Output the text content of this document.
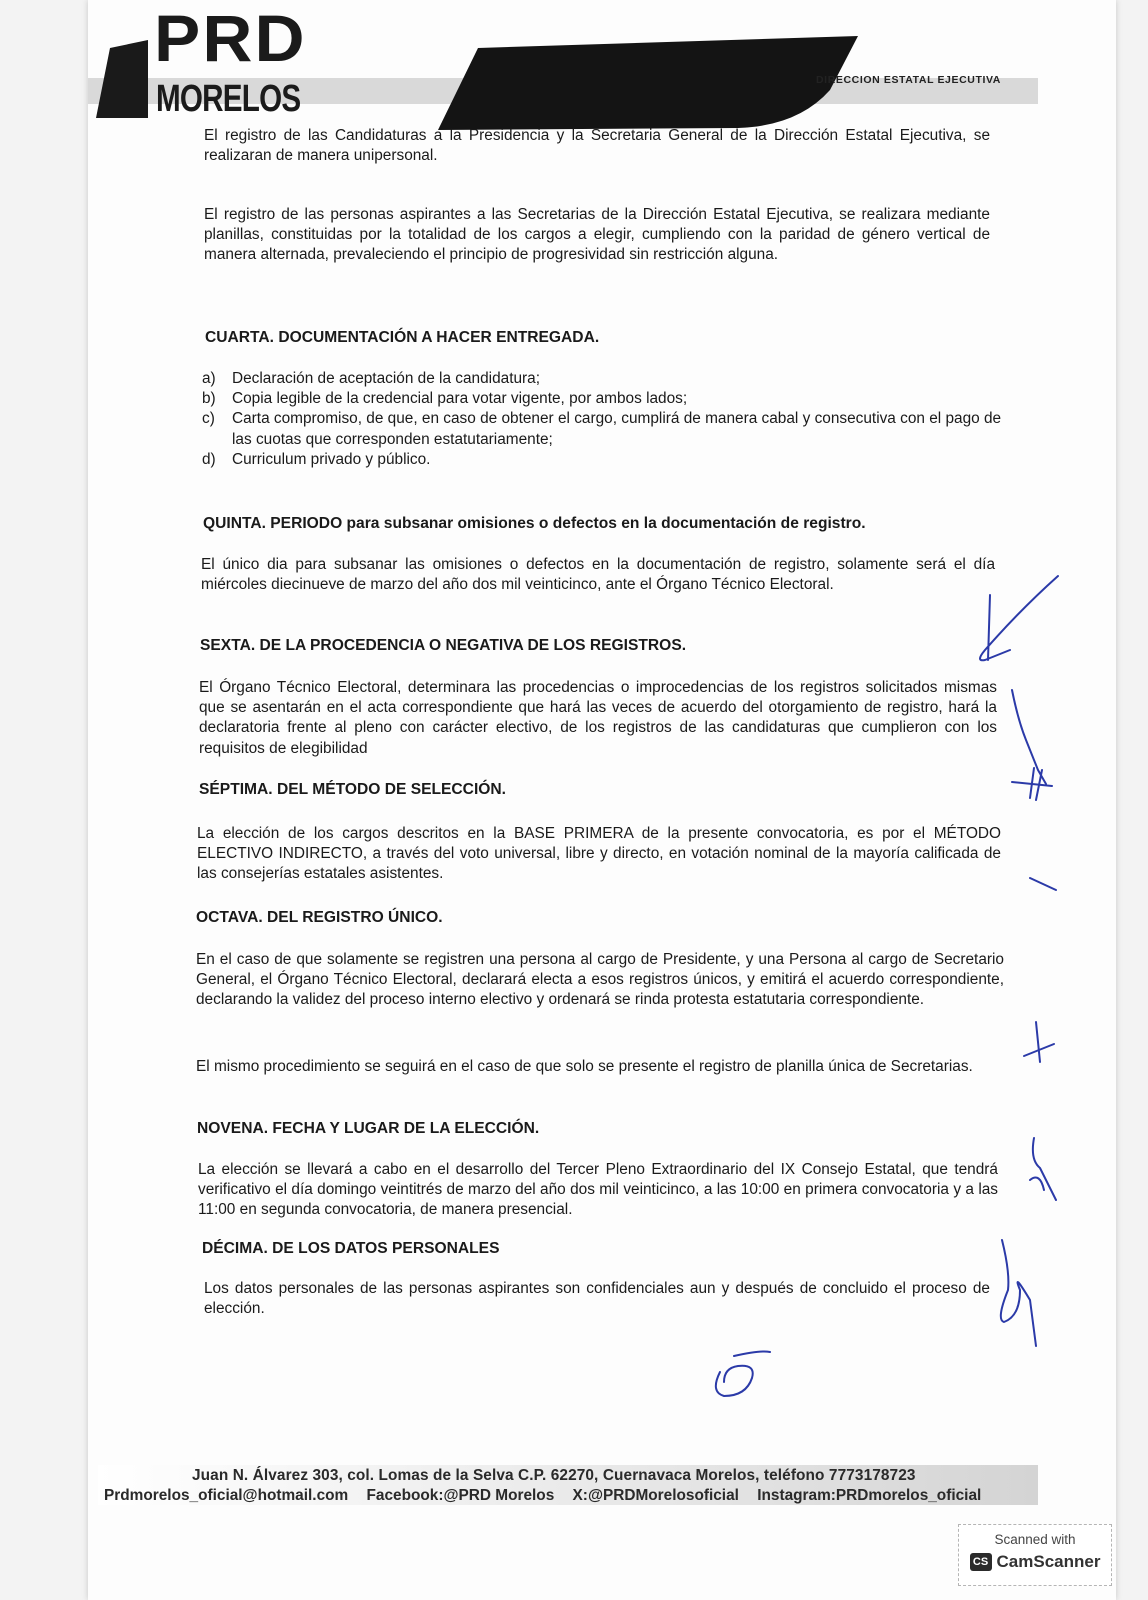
PRD
MORELOS	DIRECCION ESTATAL EJECUTIVA

El registro de las Candidaturas a la Presidencia y la Secretaria General de la Dirección Estatal Ejecutiva, se realizaran de manera unipersonal.

El registro de las personas aspirantes a las Secretarias de la Dirección Estatal Ejecutiva, se realizara mediante planillas, constituidas por la totalidad de los cargos a elegir, cumpliendo con la paridad de género vertical de manera alternada, prevaleciendo el principio de progresividad sin restricción alguna.

CUARTA. DOCUMENTACIÓN A HACER ENTREGADA.
a) Declaración de aceptación de la candidatura;
b) Copia legible de la credencial para votar vigente, por ambos lados;
c) Carta compromiso, de que, en caso de obtener el cargo, cumplirá de manera cabal y consecutiva con el pago de las cuotas que corresponden estatutariamente;
d) Curriculum privado y público.
QUINTA. PERIODO para subsanar omisiones o defectos en la documentación de registro.

El único dia para subsanar las omisiones o defectos en la documentación de registro, solamente será el día miércoles diecinueve de marzo del año dos mil veinticinco, ante el Órgano Técnico Electoral.

SEXTA. DE LA PROCEDENCIA O NEGATIVA DE LOS REGISTROS.

El Órgano Técnico Electoral, determinara las procedencias o improcedencias de los registros solicitados mismas que se asentarán en el acta correspondiente que hará las veces de acuerdo del otorgamiento de registro, hará la declaratoria frente al pleno con carácter electivo, de los registros de las candidaturas que cumplieron con los requisitos de elegibilidad

SÉPTIMA. DEL MÉTODO DE SELECCIÓN.

La elección de los cargos descritos en la BASE PRIMERA de la presente convocatoria, es por el MÉTODO ELECTIVO INDIRECTO, a través del voto universal, libre y directo, en votación nominal de la mayoría calificada de las consejerías estatales asistentes.

OCTAVA. DEL REGISTRO ÚNICO.

En el caso de que solamente se registren una persona al cargo de Presidente, y una Persona al cargo de Secretario General, el Órgano Técnico Electoral, declarará electa a esos registros únicos, y emitirá el acuerdo correspondiente, declarando la validez del proceso interno electivo y ordenará se rinda protesta estatutaria correspondiente.

El mismo procedimiento se seguirá en el caso de que solo se presente el registro de planilla única de Secretarias.

NOVENA. FECHA Y LUGAR DE LA ELECCIÓN.

La elección se llevará a cabo en el desarrollo del Tercer Pleno Extraordinario del IX Consejo Estatal, que tendrá verificativo el día domingo veintitrés de marzo del año dos mil veinticinco, a las 10:00 en primera convocatoria y a las 11:00 en segunda convocatoria, de manera presencial.

DÉCIMA. DE LOS DATOS PERSONALES

Los datos personales de las personas aspirantes son confidenciales aun y después de concluido el proceso de elección.

Juan N. Álvarez 303, col. Lomas de la Selva C.P. 62270, Cuernavaca Morelos, teléfono 7773178723
Prdmorelos_oficial@hotmail.com Facebook:@PRD Morelos X:@PRDMorelosoficial Instagram:PRDmorelos_oficial
Scanned with
CS CamScanner
